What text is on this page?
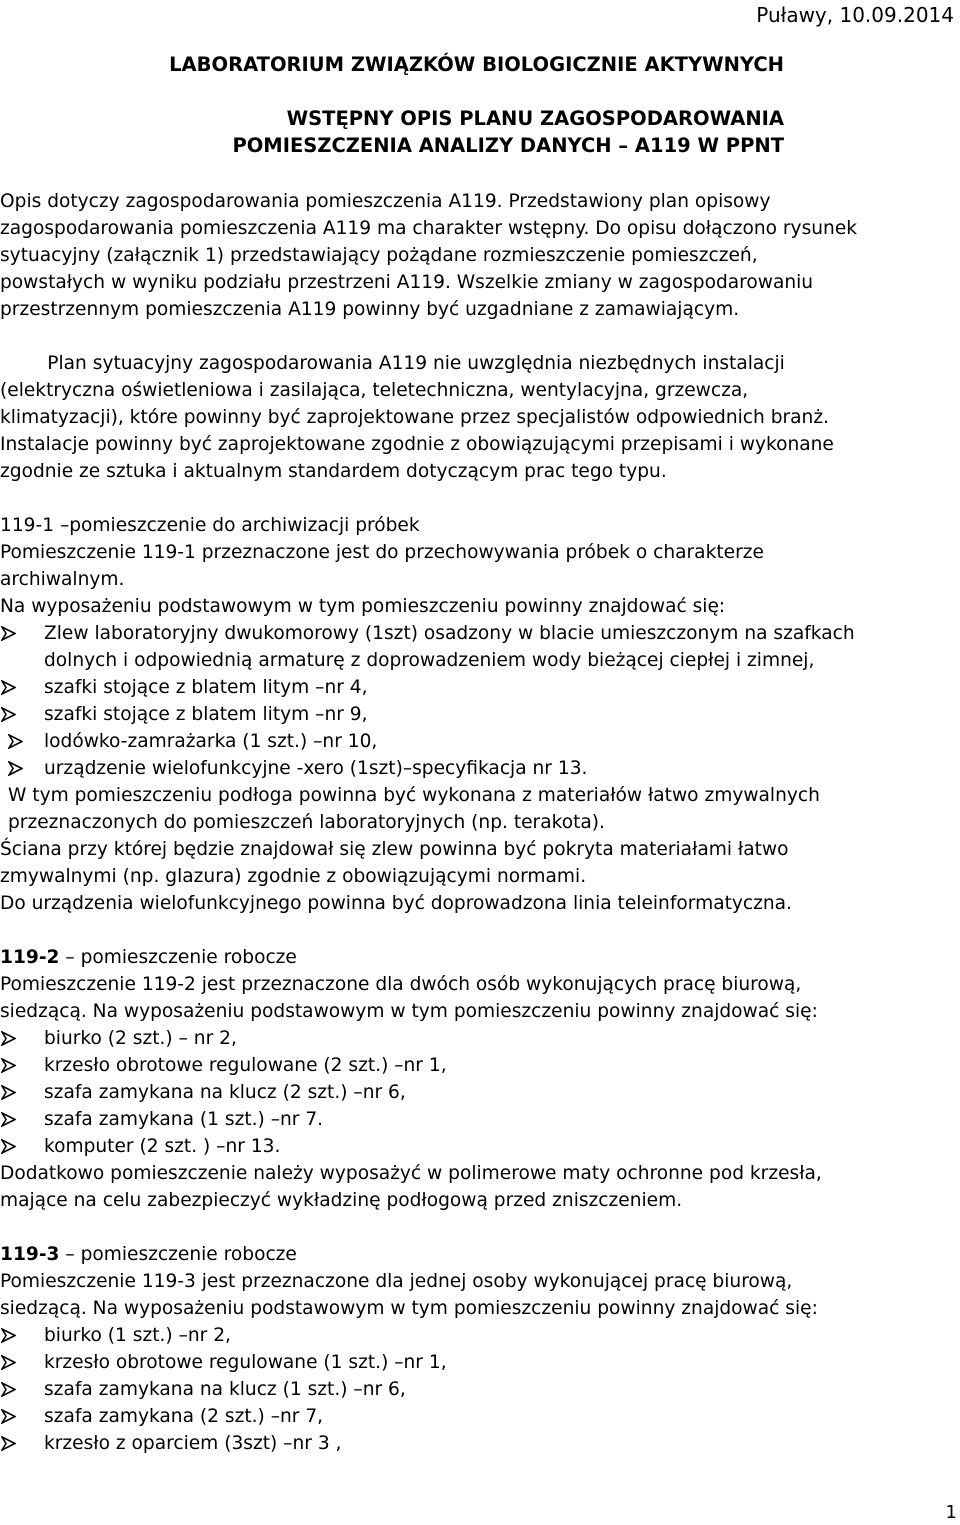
Puławy, 10.09.2014
LABORATORIUM ZWIĄZKÓW BIOLOGICZNIE AKTYWNYCH
WSTĘPNY OPIS PLANU ZAGOSPODAROWANIA
POMIESZCZENIA ANALIZY DANYCH – A119 W PPNT
Opis dotyczy zagospodarowania pomieszczenia A119. Przedstawiony plan opisowy
zagospodarowania pomieszczenia A119 ma charakter wstępny. Do opisu dołączono rysunek
sytuacyjny (załącznik 1) przedstawiający pożądane rozmieszczenie pomieszczeń,
powstałych w wyniku podziału przestrzeni A119. Wszelkie zmiany w zagospodarowaniu
przestrzennym pomieszczenia A119 powinny być uzgadniane z zamawiającym.
Plan sytuacyjny zagospodarowania A119 nie uwzględnia niezbędnych instalacji
(elektryczna oświetleniowa i zasilająca, teletechniczna, wentylacyjna, grzewcza,
klimatyzacji), które powinny być zaprojektowane przez specjalistów odpowiednich branż.
Instalacje powinny być zaprojektowane zgodnie z obowiązującymi przepisami i wykonane
zgodnie ze sztuka i aktualnym standardem dotyczącym prac tego typu.
119-1 –pomieszczenie do archiwizacji próbek
Pomieszczenie 119-1 przeznaczone jest do przechowywania próbek o charakterze
archiwalnym.
Na wyposażeniu podstawowym w tym pomieszczeniu powinny znajdować się:
Zlew laboratoryjny dwukomorowy (1szt) osadzony w blacie umieszczonym na szafkach
dolnych i odpowiednią armaturę z doprowadzeniem wody bieżącej ciepłej i zimnej,
szafki stojące z blatem litym –nr 4,
szafki stojące z blatem litym –nr 9,
lodówko-zamrażarka (1 szt.) –nr 10,
urządzenie wielofunkcyjne -xero (1szt)–specyfikacja nr 13.
W tym pomieszczeniu podłoga powinna być wykonana z materiałów łatwo zmywalnych
przeznaczonych do pomieszczeń laboratoryjnych (np. terakota).
Ściana przy której będzie znajdował się zlew powinna być pokryta materiałami łatwo
zmywalnymi (np. glazura) zgodnie z obowiązującymi normami.
Do urządzenia wielofunkcyjnego powinna być doprowadzona linia teleinformatyczna.
119-2 – pomieszczenie robocze
Pomieszczenie 119-2 jest przeznaczone dla dwóch osób wykonujących pracę biurową,
siedzącą. Na wyposażeniu podstawowym w tym pomieszczeniu powinny znajdować się:
biurko (2 szt.) – nr 2,
krzesło obrotowe regulowane (2 szt.) –nr 1,
szafa zamykana na klucz (2 szt.) –nr 6,
szafa zamykana (1 szt.) –nr 7.
komputer (2 szt. ) –nr 13.
Dodatkowo pomieszczenie należy wyposażyć w polimerowe maty ochronne pod krzesła,
mające na celu zabezpieczyć wykładzinę podłogową przed zniszczeniem.
119-3 – pomieszczenie robocze
Pomieszczenie 119-3 jest przeznaczone dla jednej osoby wykonującej pracę biurową,
siedzącą. Na wyposażeniu podstawowym w tym pomieszczeniu powinny znajdować się:
biurko (1 szt.) –nr 2,
krzesło obrotowe regulowane (1 szt.) –nr 1,
szafa zamykana na klucz (1 szt.) –nr 6,
szafa zamykana (2 szt.) –nr 7,
krzesło z oparciem (3szt) –nr 3 ,
1
